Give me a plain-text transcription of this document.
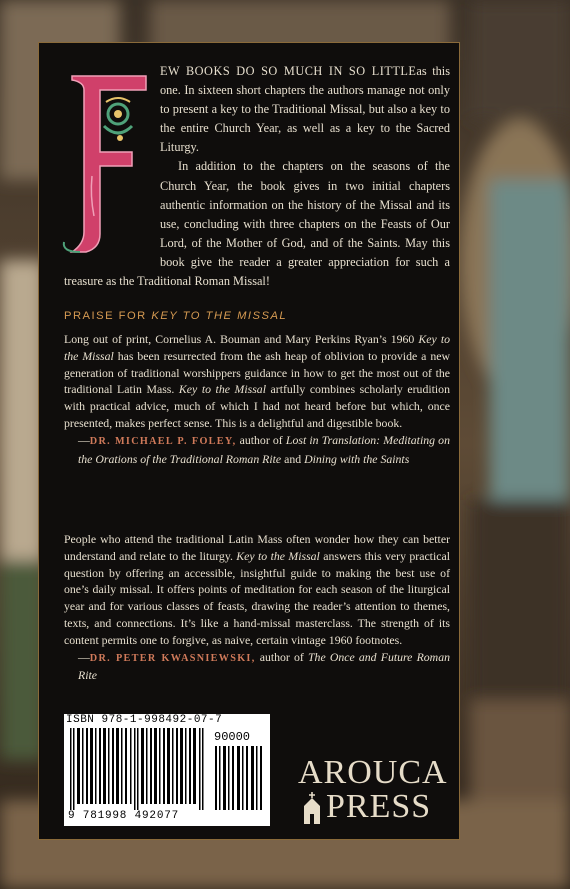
EW BOOKS DO SO MUCH IN SO LITTLEas this one. In sixteen short chapters the authors manage not only to present a key to the Traditional Missal, but also a key to the entire Church Year, as well as a key to the Sacred Liturgy.

In addition to the chapters on the seasons of the Church Year, the book gives in two initial chapters authentic information on the history of the Missal and its use, concluding with three chapters on the Feasts of Our Lord, of the Mother of God, and of the Saints. May this book give the reader a greater appreciation for such a treasure as the Traditional Roman Missal!

PRAISE FOR KEY TO THE MISSAL
Long out of print, Cornelius A. Bouman and Mary Perkins Ryan’s 1960 Key to the Missal has been resurrected from the ash heap of oblivion to provide a new generation of traditional worshippers guidance in how to get the most out of the traditional Latin Mass. Key to the Missal artfully combines scholarly erudition with practical advice, much of which I had not heard before but which, once presented, makes perfect sense. This is a delightful and digestible book.
—DR. MICHAEL P. FOLEY, author of Lost in Translation: Meditating on the Orations of the Traditional Roman Rite and Dining with the Saints
People who attend the traditional Latin Mass often wonder how they can better understand and relate to the liturgy. Key to the Missal answers this very practical question by offering an accessible, insightful guide to making the best use of one’s daily missal. It offers points of meditation for each season of the liturgical year and for various classes of feasts, drawing the reader’s attention to themes, texts, and connections. It’s like a hand-missal masterclass. The strength of its content permits one to forgive, as naive, certain vintage 1960 footnotes.
—DR. PETER KWASNIEWSKI, author of The Once and Future Roman Rite
ISBN 978-1-998492-07-7
90000
9 781998 492077
AROUCA
PRESS
